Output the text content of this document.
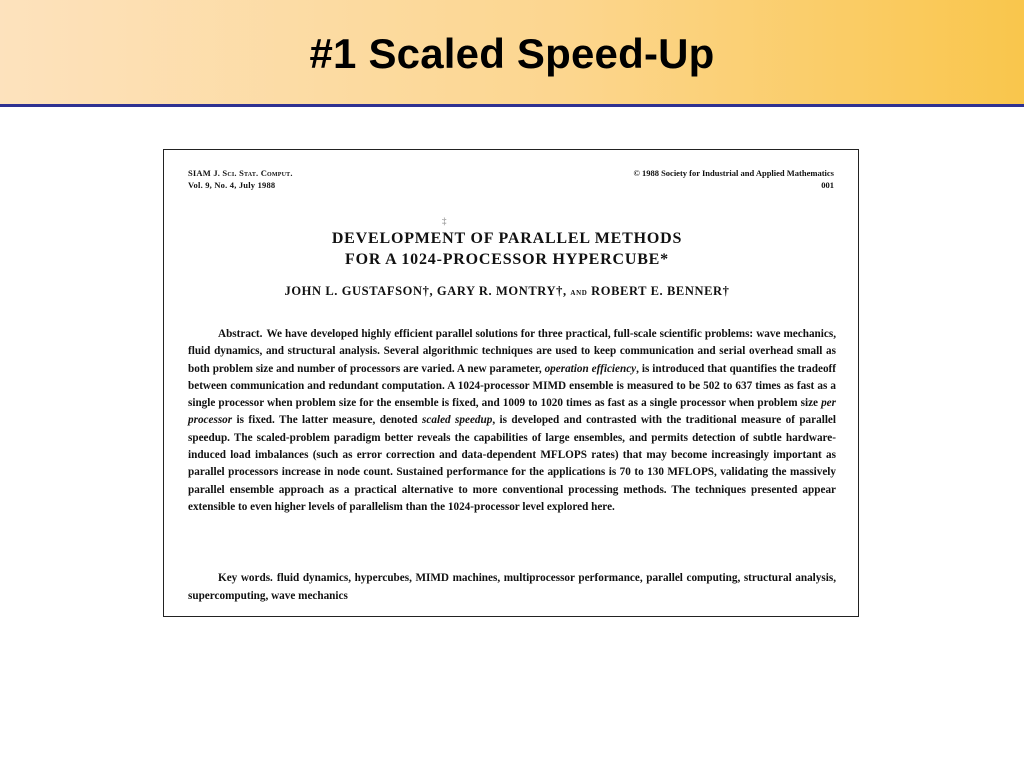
#1 Scaled Speed-Up
SIAM J. Sci. Stat. Comput.
Vol. 9, No. 4, July 1988
© 1988 Society for Industrial and Applied Mathematics
001
‡
DEVELOPMENT OF PARALLEL METHODS
FOR A 1024-PROCESSOR HYPERCUBE*
JOHN L. GUSTAFSON†, GARY R. MONTRY†, and ROBERT E. BENNER†
Abstract. We have developed highly efficient parallel solutions for three practical, full-scale scientific problems: wave mechanics, fluid dynamics, and structural analysis. Several algorithmic techniques are used to keep communication and serial overhead small as both problem size and number of processors are varied. A new parameter, operation efficiency, is introduced that quantifies the tradeoff between communication and redundant computation. A 1024-processor MIMD ensemble is measured to be 502 to 637 times as fast as a single processor when problem size for the ensemble is fixed, and 1009 to 1020 times as fast as a single processor when problem size per processor is fixed. The latter measure, denoted scaled speedup, is developed and contrasted with the traditional measure of parallel speedup. The scaled-problem paradigm better reveals the capabilities of large ensembles, and permits detection of subtle hardware-induced load imbalances (such as error correction and data-dependent MFLOPS rates) that may become increasingly important as parallel processors increase in node count. Sustained performance for the applications is 70 to 130 MFLOPS, validating the massively parallel ensemble approach as a practical alternative to more conventional processing methods. The techniques presented appear extensible to even higher levels of parallelism than the 1024-processor level explored here.
Key words. fluid dynamics, hypercubes, MIMD machines, multiprocessor performance, parallel computing, structural analysis, supercomputing, wave mechanics
